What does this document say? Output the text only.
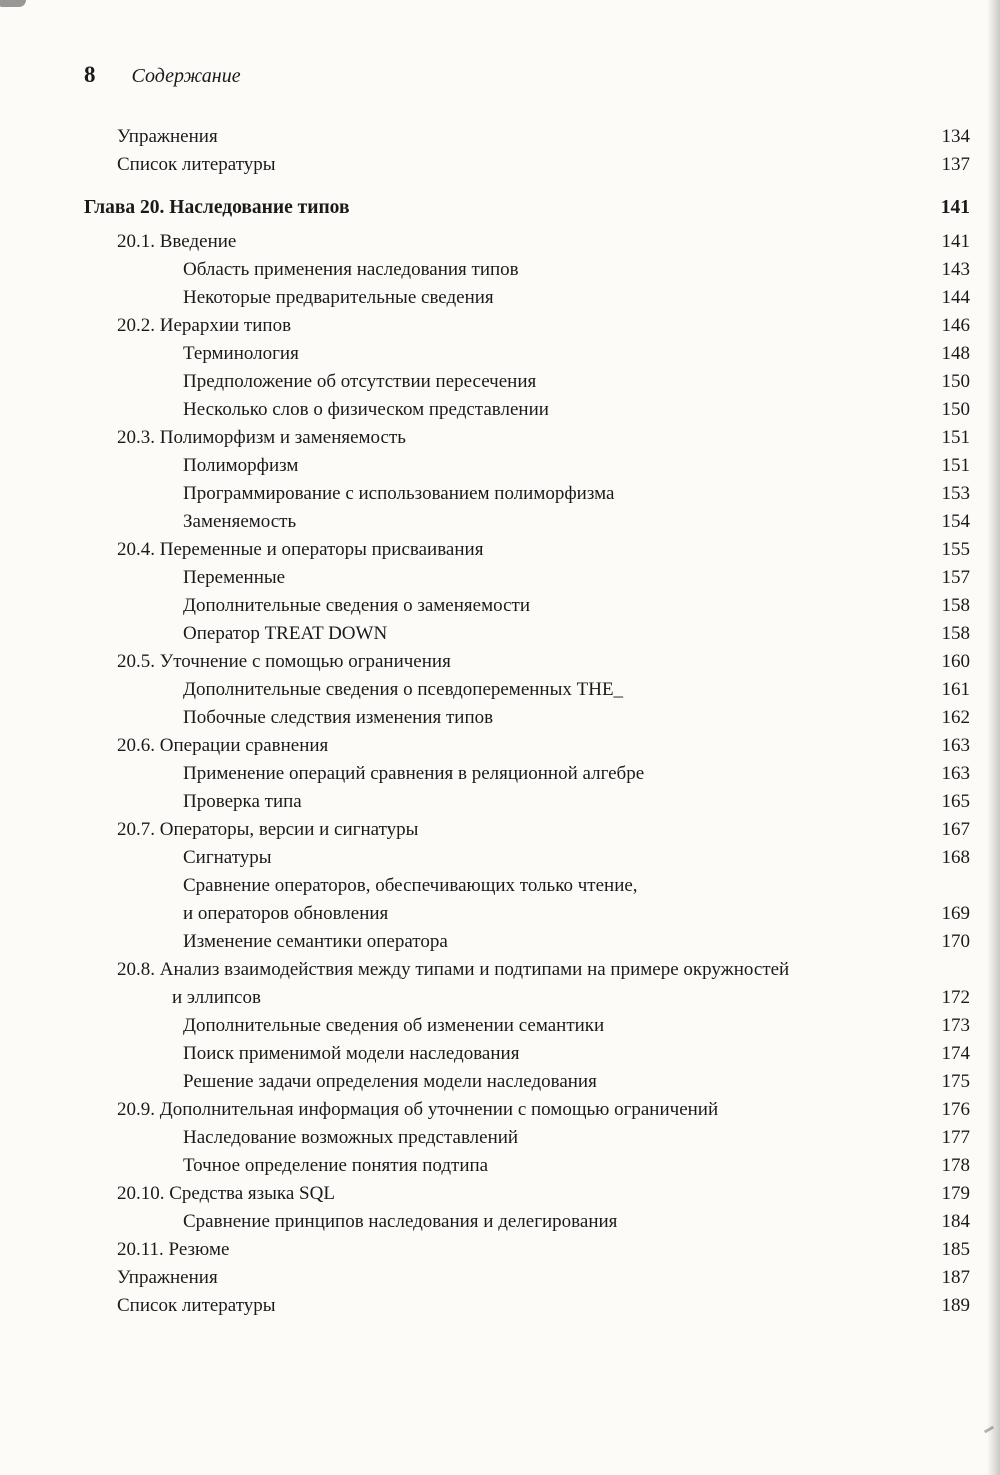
8 Содержание
Упражнения	134
Список литературы	137
Глава 20. Наследование типов	141
20.1. Введение	141
Область применения наследования типов	143
Некоторые предварительные сведения	144
20.2. Иерархии типов	146
Терминология	148
Предположение об отсутствии пересечения	150
Несколько слов о физическом представлении	150
20.3. Полиморфизм и заменяемость	151
Полиморфизм	151
Программирование с использованием полиморфизма	153
Заменяемость	154
20.4. Переменные и операторы присваивания	155
Переменные	157
Дополнительные сведения о заменяемости	158
Оператор TREAT DOWN	158
20.5. Уточнение с помощью ограничения	160
Дополнительные сведения о псевдопеременных THE_	161
Побочные следствия изменения типов	162
20.6. Операции сравнения	163
Применение операций сравнения в реляционной алгебре	163
Проверка типа	165
20.7. Операторы, версии и сигнатуры	167
Сигнатуры	168
Сравнение операторов, обеспечивающих только чтение,
и операторов обновления	169
Изменение семантики оператора	170
20.8. Анализ взаимодействия между типами и подтипами на примере окружностей
и эллипсов	172
Дополнительные сведения об изменении семантики	173
Поиск применимой модели наследования	174
Решение задачи определения модели наследования	175
20.9. Дополнительная информация об уточнении с помощью ограничений	176
Наследование возможных представлений	177
Точное определение понятия подтипа	178
20.10. Средства языка SQL	179
Сравнение принципов наследования и делегирования	184
20.11. Резюме	185
Упражнения	187
Список литературы	189
